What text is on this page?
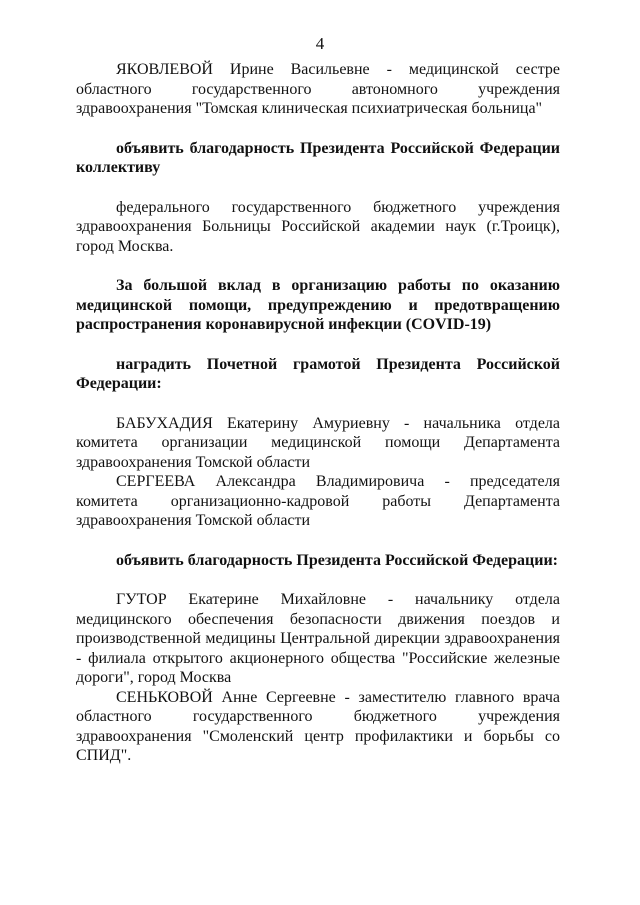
4

ЯКОВЛЕВОЙ Ирине Васильевне - медицинской сестре областного государственного автономного учреждения здравоохранения "Томская клиническая психиатрическая больница"

объявить благодарность Президента Российской Федерации коллективу

федерального государственного бюджетного учреждения здравоохранения Больницы Российской академии наук (г.Троицк), город Москва.

За большой вклад в организацию работы по оказанию медицинской помощи, предупреждению и предотвращению распространения коронавирусной инфекции (COVID-19)

наградить Почетной грамотой Президента Российской Федерации:

БАБУХАДИЯ Екатерину Амуриевну - начальника отдела комитета организации медицинской помощи Департамента здравоохранения Томской области

СЕРГЕЕВА Александра Владимировича - председателя комитета организационно-кадровой работы Департамента здравоохранения Томской области

объявить благодарность Президента Российской Федерации:

ГУТОР Екатерине Михайловне - начальнику отдела медицинского обеспечения безопасности движения поездов и производственной медицины Центральной дирекции здравоохранения - филиала открытого акционерного общества "Российские железные дороги", город Москва

СЕНЬКОВОЙ Анне Сергеевне - заместителю главного врача областного государственного бюджетного учреждения здравоохранения "Смоленский центр профилактики и борьбы со СПИД".
